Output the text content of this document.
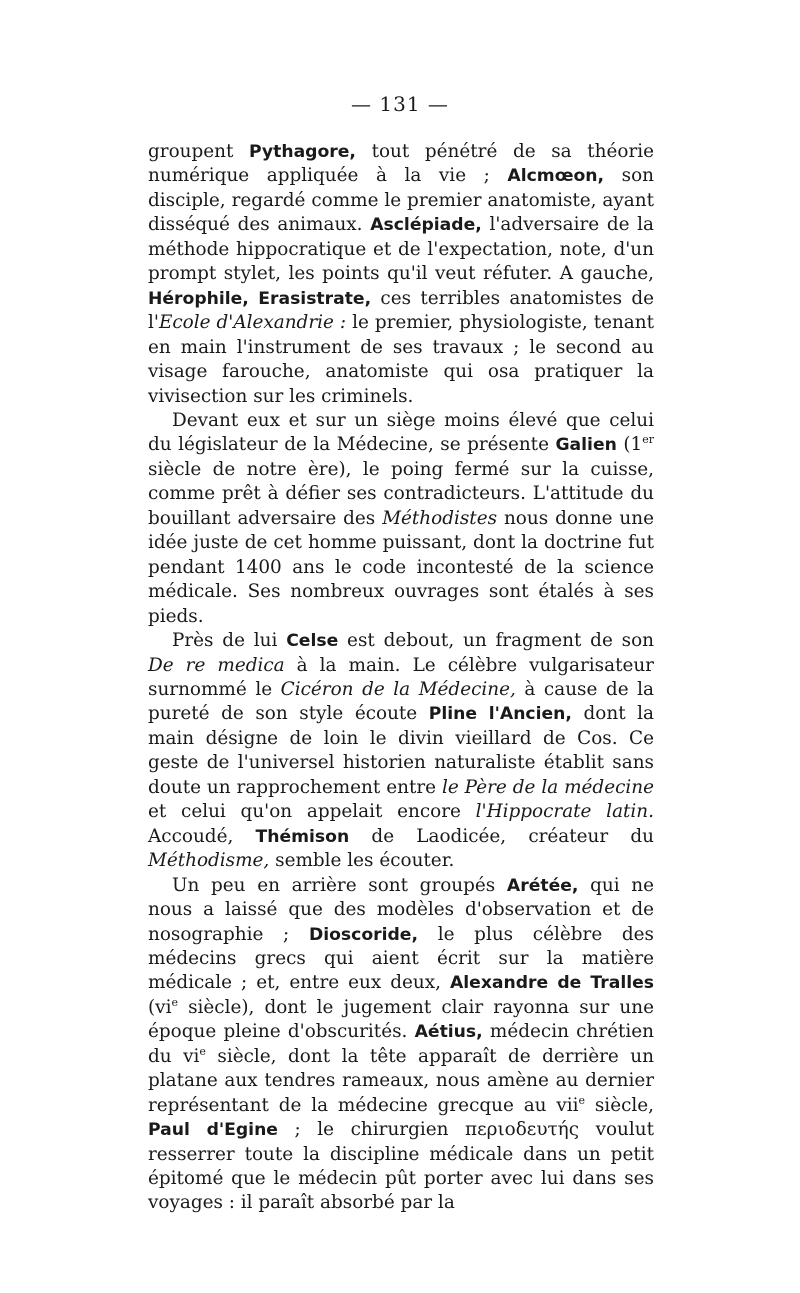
— 131 —

groupent Pythagore, tout pénétré de sa théorie numérique appliquée à la vie ; Alcmœon, son disciple, regardé comme le premier anatomiste, ayant disséqué des animaux. Asclépiade, l'adversaire de la méthode hippocratique et de l'expectation, note, d'un prompt stylet, les points qu'il veut réfuter. A gauche, Hérophile, Erasistrate, ces terribles anatomistes de l'Ecole d'Alexandrie : le premier, physiologiste, tenant en main l'instrument de ses travaux ; le second au visage farouche, anatomiste qui osa pratiquer la vivisection sur les criminels.

Devant eux et sur un siège moins élevé que celui du législateur de la Médecine, se présente Galien (1er siècle de notre ère), le poing fermé sur la cuisse, comme prêt à défier ses contradicteurs. L'attitude du bouillant adversaire des Méthodistes nous donne une idée juste de cet homme puissant, dont la doctrine fut pendant 1400 ans le code incontesté de la science médicale. Ses nombreux ouvrages sont étalés à ses pieds.

Près de lui Celse est debout, un fragment de son De re medica à la main. Le célèbre vulgarisateur surnommé le Cicéron de la Médecine, à cause de la pureté de son style écoute Pline l'Ancien, dont la main désigne de loin le divin vieillard de Cos. Ce geste de l'universel historien naturaliste établit sans doute un rapprochement entre le Père de la médecine et celui qu'on appelait encore l'Hippocrate latin. Accoudé, Thémison de Laodicée, créateur du Méthodisme, semble les écouter.

Un peu en arrière sont groupés Arétée, qui ne nous a laissé que des modèles d'observation et de nosographie ; Dioscoride, le plus célèbre des médecins grecs qui aient écrit sur la matière médicale ; et, entre eux deux, Alexandre de Tralles ($vi^e$ siècle), dont le jugement clair rayonna sur une époque pleine d'obscurités. Aétius, médecin chrétien du $vi^e$ siècle, dont la tête apparaît de derrière un platane aux tendres rameaux, nous amène au dernier représentant de la médecine grecque au vii$^e$ siècle, Paul d'Egine ; le chirurgien περιοδευτής voulut resserrer toute la discipline médicale dans un petit épitomé que le médecin pût porter avec lui dans ses voyages : il paraît absorbé par la
